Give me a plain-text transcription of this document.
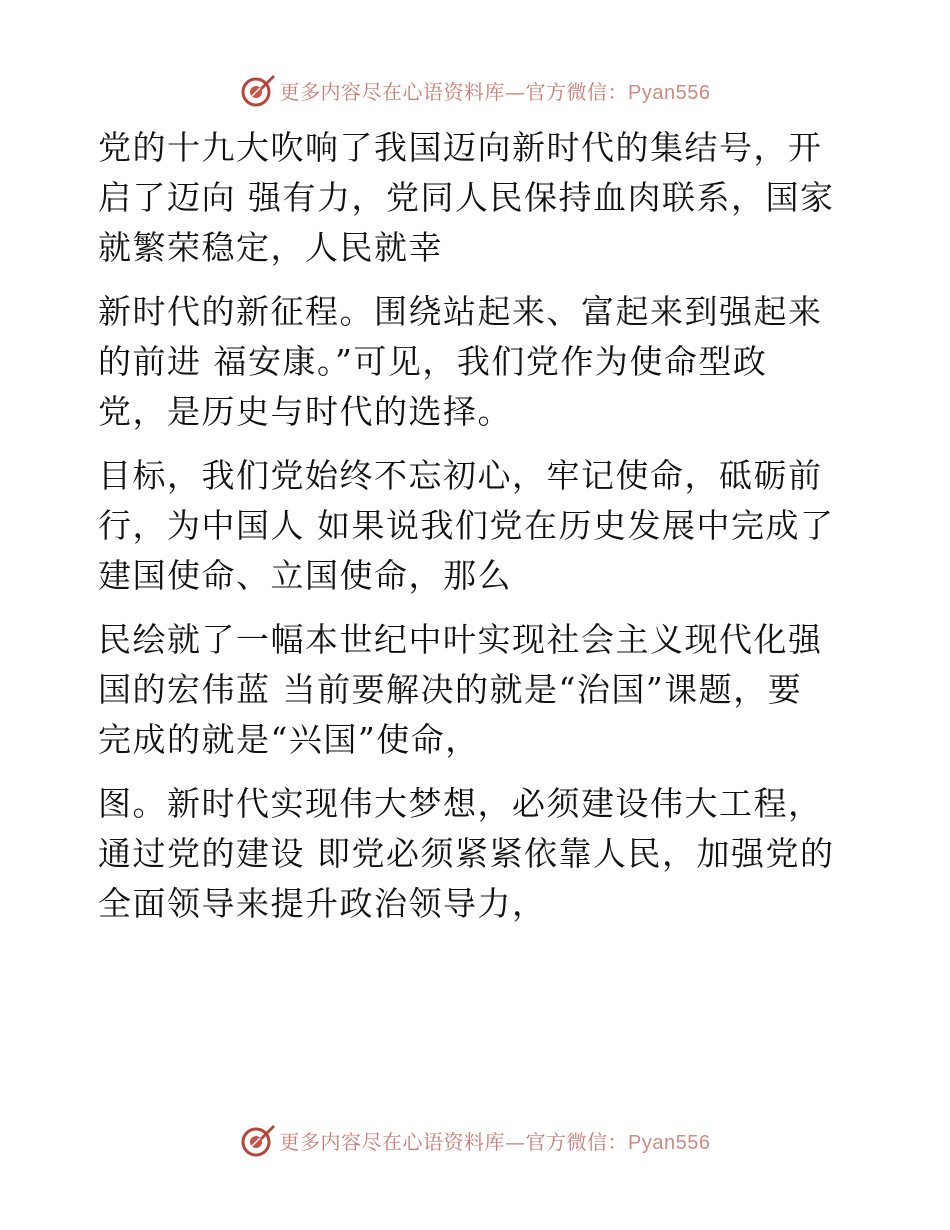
更多内容尽在心语资料库—官方微信：Pyan556
党的十九大吹响了我国迈向新时代的集结号，开
启了迈向 强有力，党同人民保持血肉联系，国家
就繁荣稳定，人民就幸
新时代的新征程。围绕站起来、富起来到强起来
的前进 福安康。”可见，我们党作为使命型政
党，是历史与时代的选择。
目标，我们党始终不忘初心，牢记使命，砥砺前
行，为中国人 如果说我们党在历史发展中完成了
建国使命、立国使命，那么
民绘就了一幅本世纪中叶实现社会主义现代化强
国的宏伟蓝 当前要解决的就是“治国”课题，要
完成的就是“兴国”使命，
图。新时代实现伟大梦想，必须建设伟大工程，
通过党的建设 即党必须紧紧依靠人民，加强党的
全面领导来提升政治领导力，
更多内容尽在心语资料库—官方微信：Pyan556
